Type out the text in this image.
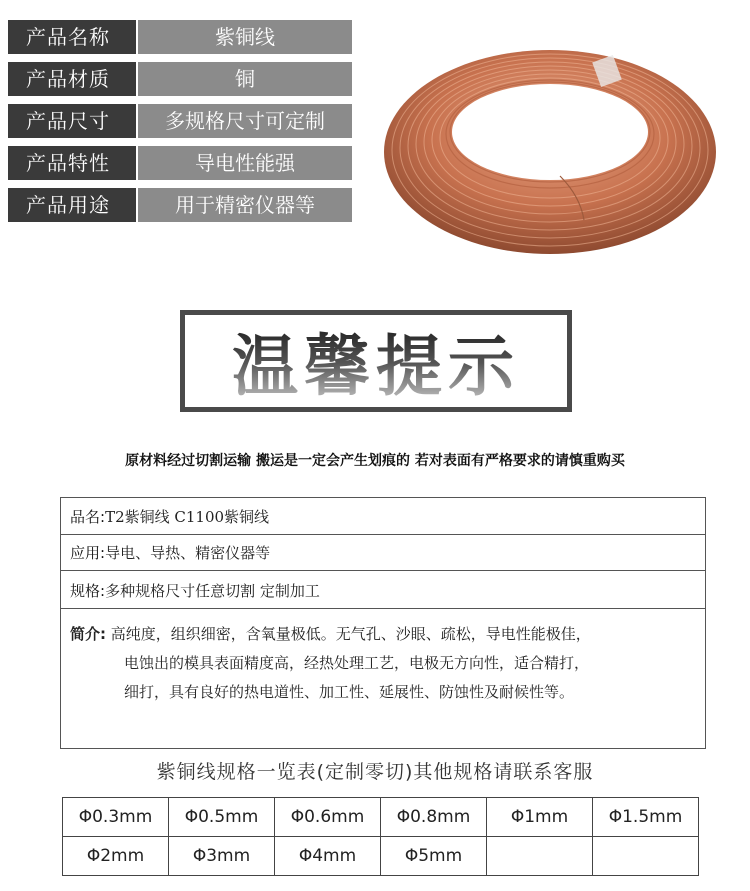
产品名称	紫铜线
产品材质	铜
产品尺寸	多规格尺寸可定制
产品特性	导电性能强
产品用途	用于精密仪器等
温馨提示
原材料经过切割运输 搬运是一定会产生划痕的 若对表面有严格要求的请慎重购买
品名:T2紫铜线 C1100紫铜线
应用:导电、导热、精密仪器等
规格:多种规格尺寸任意切割 定制加工

简介: 高纯度，组织细密，含氧量极低。无气孔、沙眼、疏松，导电性能极佳，

电蚀出的模具表面精度高，经热处理工艺，电极无方向性，适合精打，

细打，具有良好的热电道性、加工性、延展性、防蚀性及耐候性等。

紫铜线规格一览表(定制零切)其他规格请联系客服
Φ0.3mm	Φ0.5mm	Φ0.6mm	Φ0.8mm	Φ1mm	Φ1.5mm
Φ2mm	Φ3mm	Φ4mm	Φ5mm		
